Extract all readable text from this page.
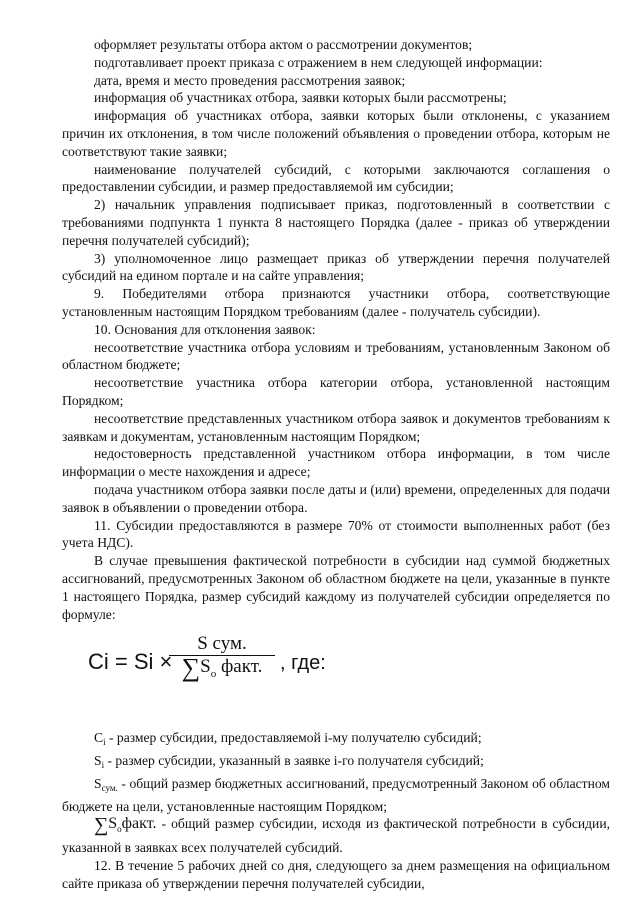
оформляет результаты отбора актом о рассмотрении документов;

подготавливает проект приказа с отражением в нем следующей информации:

дата, время и место проведения рассмотрения заявок;

информация об участниках отбора, заявки которых были рассмотрены;

информация об участниках отбора, заявки которых были отклонены, с указанием причин их отклонения, в том числе положений объявления о проведении отбора, которым не соответствуют такие заявки;

наименование получателей субсидий, с которыми заключаются соглашения о предоставлении субсидии, и размер предоставляемой им субсидии;

2) начальник управления подписывает приказ, подготовленный в соответствии с требованиями подпункта 1 пункта 8 настоящего Порядка (далее - приказ об утверждении перечня получателей субсидий);

3) уполномоченное лицо размещает приказ об утверждении перечня получателей субсидий на едином портале и на сайте управления;

9. Победителями отбора признаются участники отбора, соответствующие установленным настоящим Порядком требованиям (далее - получатель субсидии).

10. Основания для отклонения заявок:

несоответствие участника отбора условиям и требованиям, установленным Законом об областном бюджете;

несоответствие участника отбора категории отбора, установленной настоящим Порядком;

несоответствие представленных участником отбора заявок и документов требованиям к заявкам и документам, установленным настоящим Порядком;

недостоверность представленной участником отбора информации, в том числе информации о месте нахождения и адресе;

подача участником отбора заявки после даты и (или) времени, определенных для подачи заявок в объявлении о проведении отбора.

11. Субсидии предоставляются в размере 70% от стоимости выполненных работ (без учета НДС).

В случае превышения фактической потребности в субсидии над суммой бюджетных ассигнований, предусмотренных Законом об областном бюджете на цели, указанные в пункте 1 настоящего Порядка, размер субсидий каждому из получателей субсидии определяется по формуле:

Ci = Si ×
S сум.
$\sum S_о$ факт. , где:

$C_i$ - размер субсидии, предоставляемой i-му получателю субсидий;

$S_i$ - размер субсидии, указанный в заявке i-го получателя субсидий;

$S_{сум.}$ - общий размер бюджетных ассигнований, предусмотренный Законом об областном бюджете на цели, установленные настоящим Порядком;

$\sum S_офакт$. - общий размер субсидии, исходя из фактической потребности в субсидии, указанной в заявках всех получателей субсидий.

12. В течение 5 рабочих дней со дня, следующего за днем размещения на официальном сайте приказа об утверждении перечня получателей субсидии,
